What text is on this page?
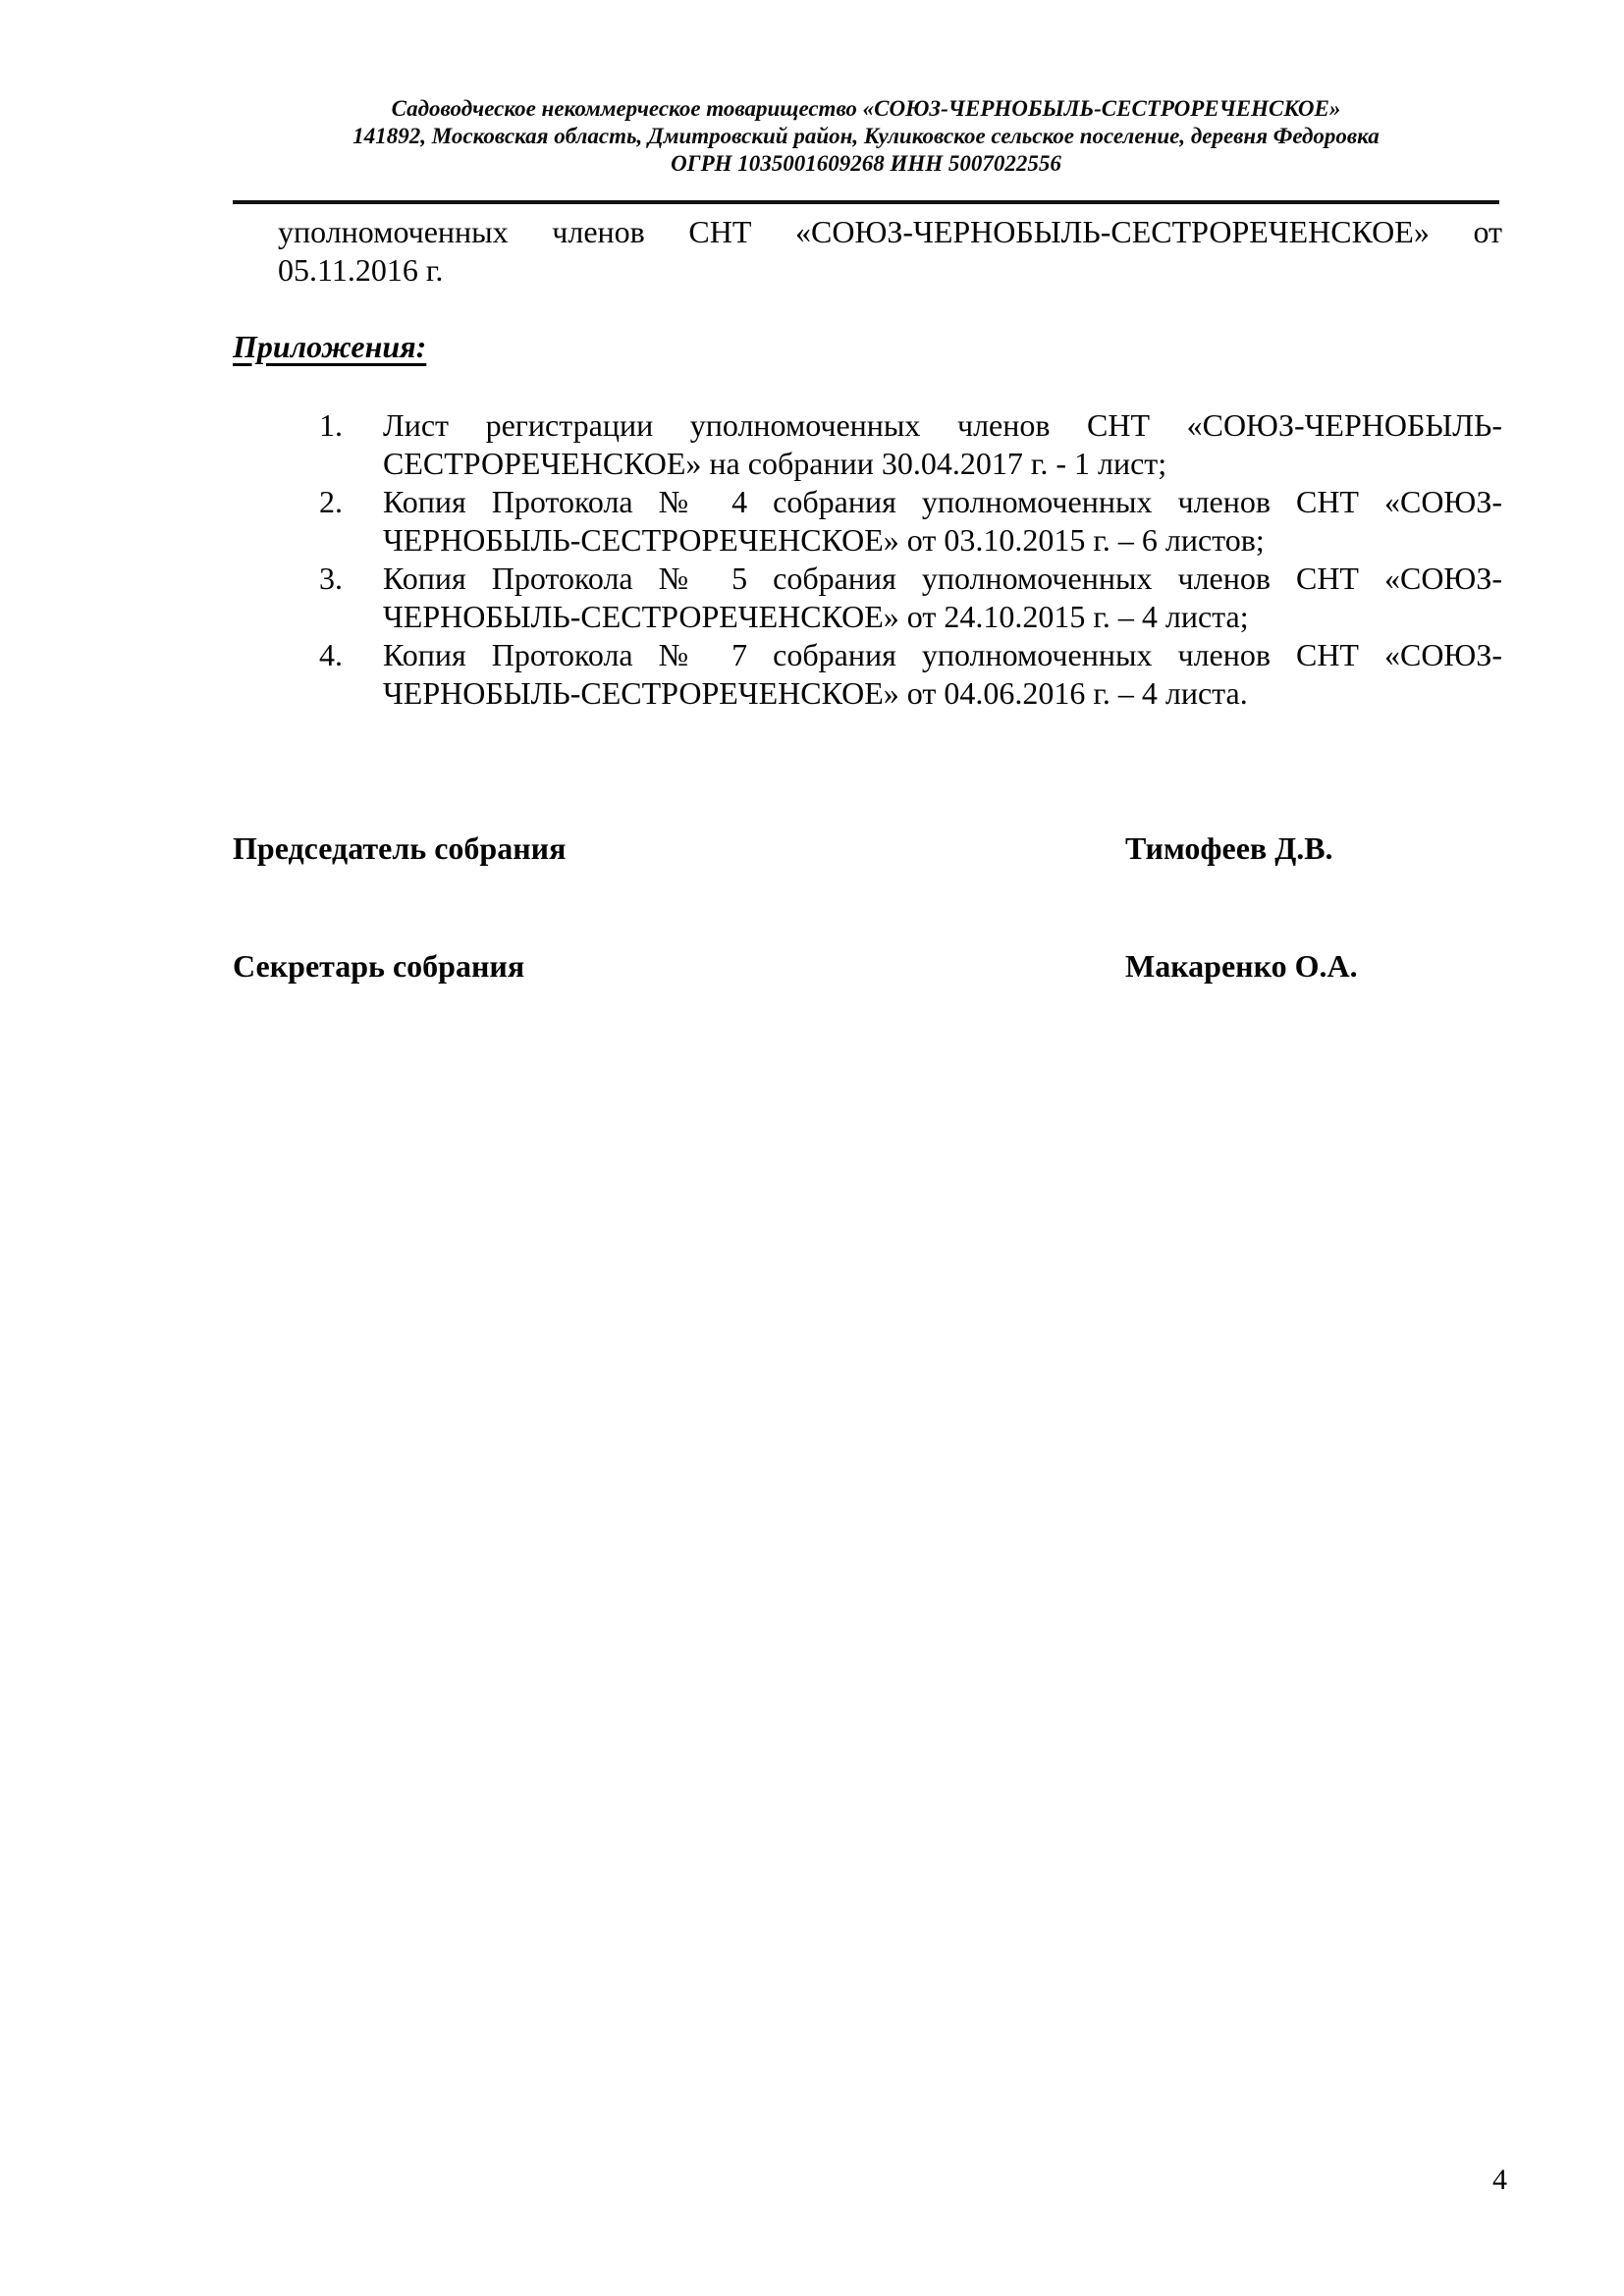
Садоводческое некоммерческое товарищество «СОЮЗ-ЧЕРНОБЫЛЬ-СЕСТРОРЕЧЕНСКОЕ»
141892, Московская область, Дмитровский район, Куликовское сельское поселение, деревня Федоровка
ОГРН 1035001609268 ИНН 5007022556
уполномоченных членов СНТ «СОЮЗ-ЧЕРНОБЫЛЬ-СЕСТРОРЕЧЕНСКОЕ» от
05.11.2016 г.
Приложения:
1.	Лист регистрации уполномоченных членов СНТ «СОЮЗ-ЧЕРНОБЫЛЬ-
СЕСТРОРЕЧЕНСКОЕ» на собрании 30.04.2017 г. - 1 лист;
2.	Копия Протокола № 4 собрания уполномоченных членов СНТ «СОЮЗ-
ЧЕРНОБЫЛЬ-СЕСТРОРЕЧЕНСКОЕ» от 03.10.2015 г. – 6 листов;
3.	Копия Протокола № 5 собрания уполномоченных членов СНТ «СОЮЗ-
ЧЕРНОБЫЛЬ-СЕСТРОРЕЧЕНСКОЕ» от 24.10.2015 г. – 4 листа;
4.	Копия Протокола № 7 собрания уполномоченных членов СНТ «СОЮЗ-
ЧЕРНОБЫЛЬ-СЕСТРОРЕЧЕНСКОЕ» от 04.06.2016 г. – 4 листа.
Председатель собрания	Тимофеев Д.В.
Секретарь собрания	Макаренко О.А.
4
